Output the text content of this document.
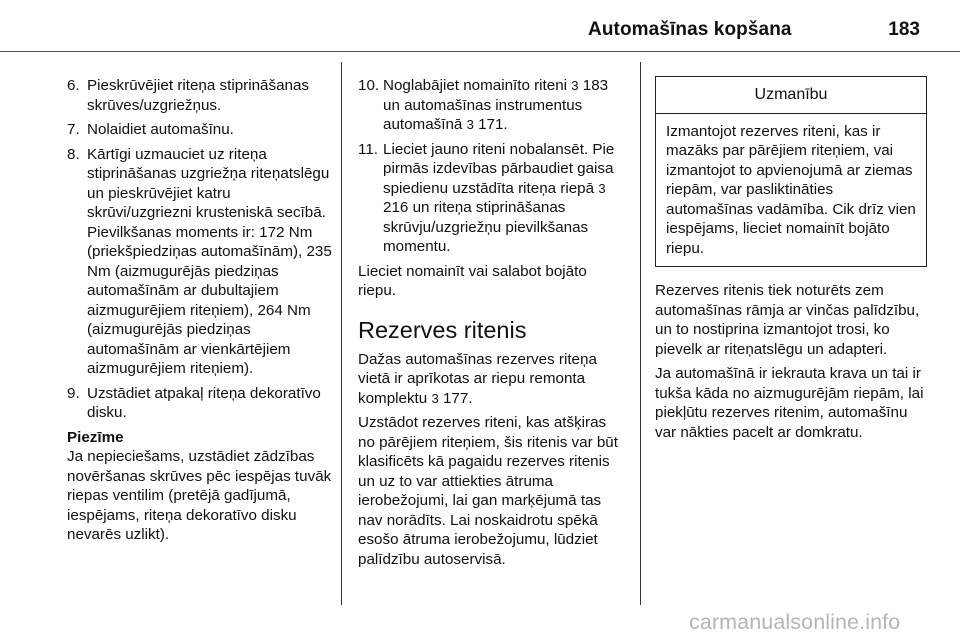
Automašīnas kopšana	183
6. Pieskrūvējiet riteņa stiprināšanas skrūves/uzgriežņus.
7. Nolaidiet automašīnu.
8. Kārtīgi uzmauciet uz riteņa stiprināšanas uzgriežņa riteņatslēgu un pieskrūvējiet katru skrūvi/uzgriezni krusteniskā secībā. Pievilkšanas moments ir: 172 Nm (priekšpiedziņas automašīnām), 235 Nm (aizmugurējās piedziņas automašīnām ar dubultajiem aizmugurējiem riteņiem), 264 Nm (aizmugurējās piedziņas automašīnām ar vienkārtējiem aizmugurējiem riteņiem).
9. Uzstādiet atpakaļ riteņa dekoratīvo disku.
Piezīme
Ja nepieciešams, uzstādiet zādzības novēršanas skrūves pēc iespējas tuvāk riepas ventilim (pretējā gadījumā, iespējams, riteņa dekoratīvo disku nevarēs uzlikt).
10. Noglabājiet nomainīto riteni 3 183 un automašīnas instrumentus automašīnā 3 171.
11. Lieciet jauno riteni nobalansēt. Pie pirmās izdevības pārbaudiet gaisa spiedienu uzstādīta riteņa riepā 3 216 un riteņa stiprināšanas skrūvju/uzgriežņu pievilkšanas momentu.
Lieciet nomainīt vai salabot bojāto riepu.
Rezerves ritenis
Dažas automašīnas rezerves riteņa vietā ir aprīkotas ar riepu remonta komplektu 3 177.
Uzstādot rezerves riteni, kas atšķiras no pārējiem riteņiem, šis ritenis var būt klasificēts kā pagaidu rezerves ritenis un uz to var attiekties ātruma ierobežojumi, lai gan marķējumā tas nav norādīts. Lai noskaidrotu spēkā esošo ātruma ierobežojumu, lūdziet palīdzību autoservisā.
Uzmanību
Izmantojot rezerves riteni, kas ir mazāks par pārējiem riteņiem, vai izmantojot to apvienojumā ar ziemas riepām, var pasliktināties automašīnas vadāmība. Cik drīz vien iespējams, lieciet nomainīt bojāto riepu.
Rezerves ritenis tiek noturēts zem automašīnas rāmja ar vinčas palīdzību, un to nostiprina izmantojot trosi, ko pievelk ar riteņatslēgu un adapteri.
Ja automašīnā ir iekrauta krava un tai ir tukša kāda no aizmugurējām riepām, lai piekļūtu rezerves ritenim, automašīnu var nākties pacelt ar domkratu.
carmanualsonline.info
